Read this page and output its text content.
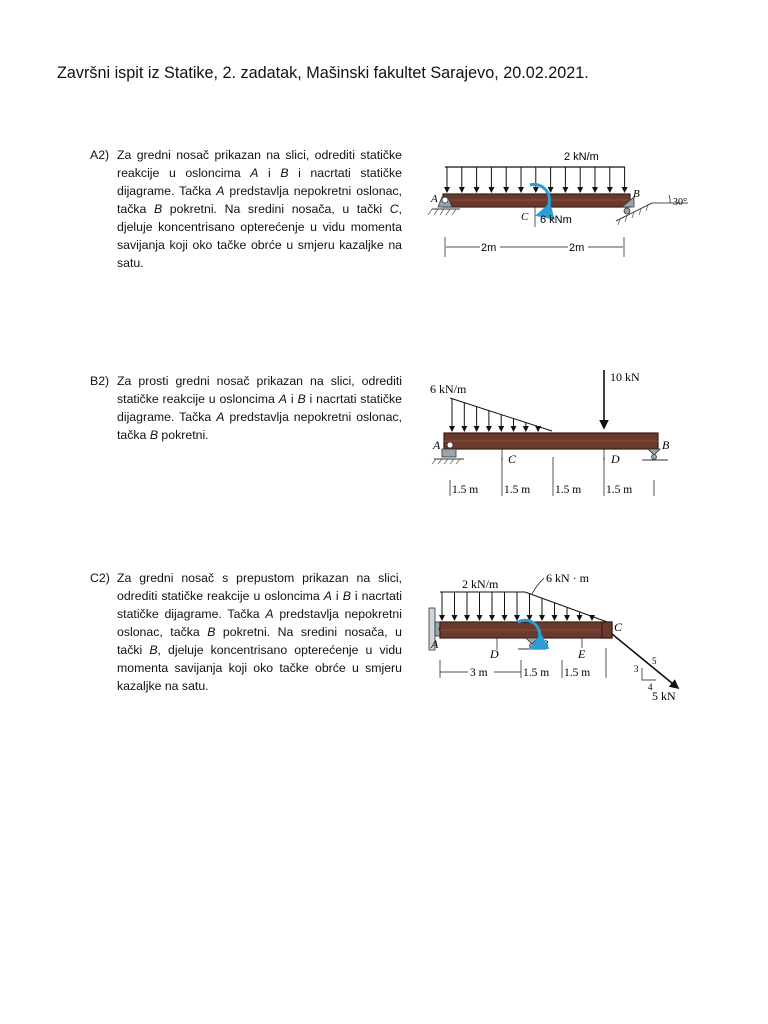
Završni ispit iz Statike, 2. zadatak, Mašinski fakultet Sarajevo, 20.02.2021.
A2) Za gredni nosač prikazan na slici, odrediti statičke reakcije u osloncima A i B i nacrtati statičke dijagrame. Tačka A predstavlja nepokretni oslonac, tačka B pokretni. Na sredini nosača, u tački C, djeluje koncentrisano opterećenje u vidu momenta savijanja koji oko tačke obrće u smjeru kazaljke na satu.
2 kN/m
A	B
30°
C 6 kNm
2m	2m
B2) Za prosti gredni nosač prikazan na slici, odrediti statičke reakcije u osloncima A i B i nacrtati statičke dijagrame. Tačka A predstavlja nepokretni oslonac, tačka B pokretni.
6 kN/m
10 kN
A	B
C	D
1.5 m 1.5 m 1.5 m 1.5 m
C2) Za gredni nosač s prepustom prikazan na slici, odrediti statičke reakcije u osloncima A i B i nacrtati statičke dijagrame. Tačka A predstavlja nepokretni oslonac, tačka B pokretni. Na sredini nosača, u tački B, djeluje koncentrisano opterećenje u vidu momenta savijanja koji oko tačke obrće u smjeru kazaljke na satu.
2 kN/m	6 kN · m
A
C
B
D	E
3 m	1.5 m 1.5 m	3
4
5
5 kN
